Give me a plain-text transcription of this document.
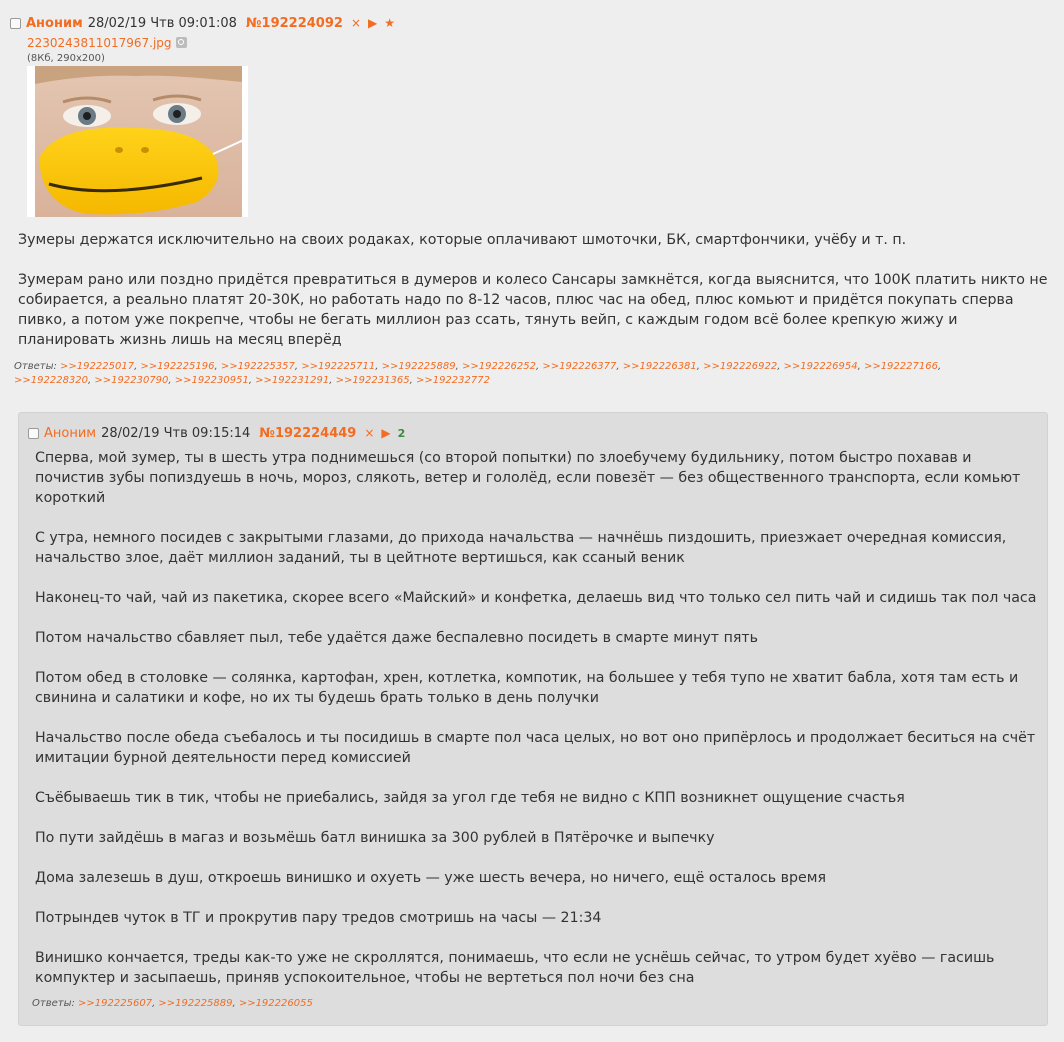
Аноним 28/02/19 Чтв 09:01:08 №192224092 × ▶ ★
2230243811017967.jpg
(8Кб, 290x200)

Зумеры держатся исключительно на своих родаках, которые оплачивают шмоточки, БК, смартфончики, учёбу и т. п.

Зумерам рано или поздно придётся превратиться в думеров и колесо Сансары замкнётся, когда выяснится, что 100К платить никто не собирается, а реально платят 20-30К, но работать надо по 8-12 часов, плюс час на обед, плюс комьют и придётся покупать сперва пивко, а потом уже покрепче, чтобы не бегать миллион раз ссать, тянуть вейп, с каждым годом всё более крепкую жижу и планировать жизнь лишь на месяц вперёд

Ответы: >>192225017, >>192225196, >>192225357, >>192225711, >>192225889, >>192226252, >>192226377, >>192226381, >>192226922, >>192226954, >>192227166, >>192228320, >>192230790, >>192230951, >>192231291, >>192231365, >>192232772
Аноним 28/02/19 Чтв 09:15:14 №192224449 × ▶ 2

Сперва, мой зумер, ты в шесть утра поднимешься (со второй попытки) по злоебучему будильнику, потом быстро похавав и почистив зубы попиздуешь в ночь, мороз, слякоть, ветер и гололёд, если повезёт — без общественного транспорта, если комьют короткий

С утра, немного посидев с закрытыми глазами, до прихода начальства — начнёшь пиздошить, приезжает очередная комиссия, начальство злое, даёт миллион заданий, ты в цейтноте вертишься, как ссаный веник

Наконец-то чай, чай из пакетика, скорее всего «Майский» и конфетка, делаешь вид что только сел пить чай и сидишь так пол часа

Потом начальство сбавляет пыл, тебе удаётся даже беспалевно посидеть в смарте минут пять

Потом обед в столовке — солянка, картофан, хрен, котлетка, компотик, на большее у тебя тупо не хватит бабла, хотя там есть и свинина и салатики и кофе, но их ты будешь брать только в день получки

Начальство после обеда съебалось и ты посидишь в смарте пол часа целых, но вот оно припёрлось и продолжает беситься на счёт имитации бурной деятельности перед комиссией

Съёбываешь тик в тик, чтобы не приебались, зайдя за угол где тебя не видно с КПП возникнет ощущение счастья

По пути зайдёшь в магаз и возьмёшь батл винишка за 300 рублей в Пятёрочке и выпечку

Дома залезешь в душ, откроешь винишко и охуеть — уже шесть вечера, но ничего, ещё осталось время

Потрындев чуток в ТГ и прокрутив пару тредов смотришь на часы — 21:34

Винишко кончается, треды как-то уже не скроллятся, понимаешь, что если не уснёшь сейчас, то утром будет хуёво — гасишь компуктер и засыпаешь, приняв успокоительное, чтобы не вертеться пол ночи без сна

Ответы: >>192225607, >>192225889, >>192226055
